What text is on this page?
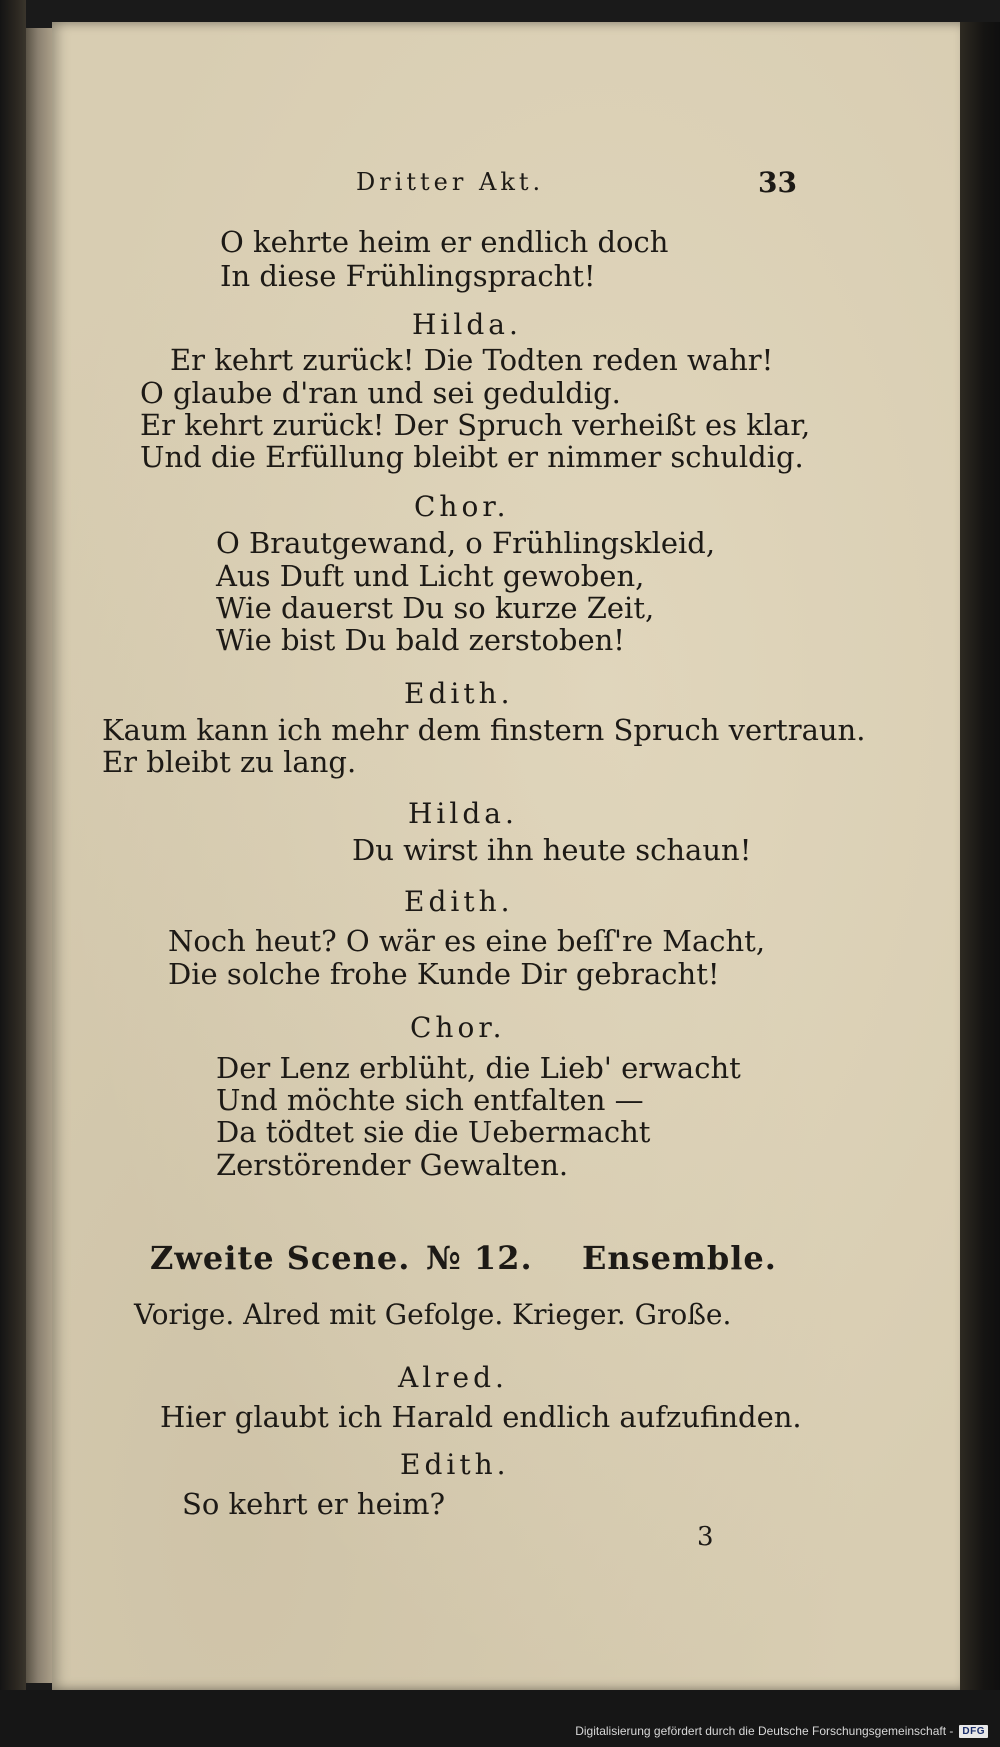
Dritter Akt.	33
O kehrte heim er endlich doch
In diese Frühlingspracht!
Hilda.
Er kehrt zurück! Die Todten reden wahr!
O glaube d'ran und sei geduldig.
Er kehrt zurück! Der Spruch verheißt es klar,
Und die Erfüllung bleibt er nimmer schuldig.
Chor.
O Brautgewand, o Frühlingskleid,
Aus Duft und Licht gewoben,
Wie dauerst Du so kurze Zeit,
Wie bist Du bald zerstoben!
Edith.
Kaum kann ich mehr dem finstern Spruch vertraun.
Er bleibt zu lang.
Hilda.
Du wirst ihn heute schaun!
Edith.
Noch heut? O wär es eine beſſ're Macht,
Die solche frohe Kunde Dir gebracht!
Chor.
Der Lenz erblüht, die Lieb' erwacht
Und möchte sich entfalten —
Da tödtet sie die Uebermacht
Zerstörender Gewalten.
Zweite Scene. № 12. Ensemble.
Vorige. Alred mit Gefolge. Krieger. Große.
Alred.
Hier glaubt ich Harald endlich aufzufinden.
Edith.
So kehrt er heim?
3
Digitalisierung gefördert durch die Deutsche Forschungsgemeinschaft - DFG
